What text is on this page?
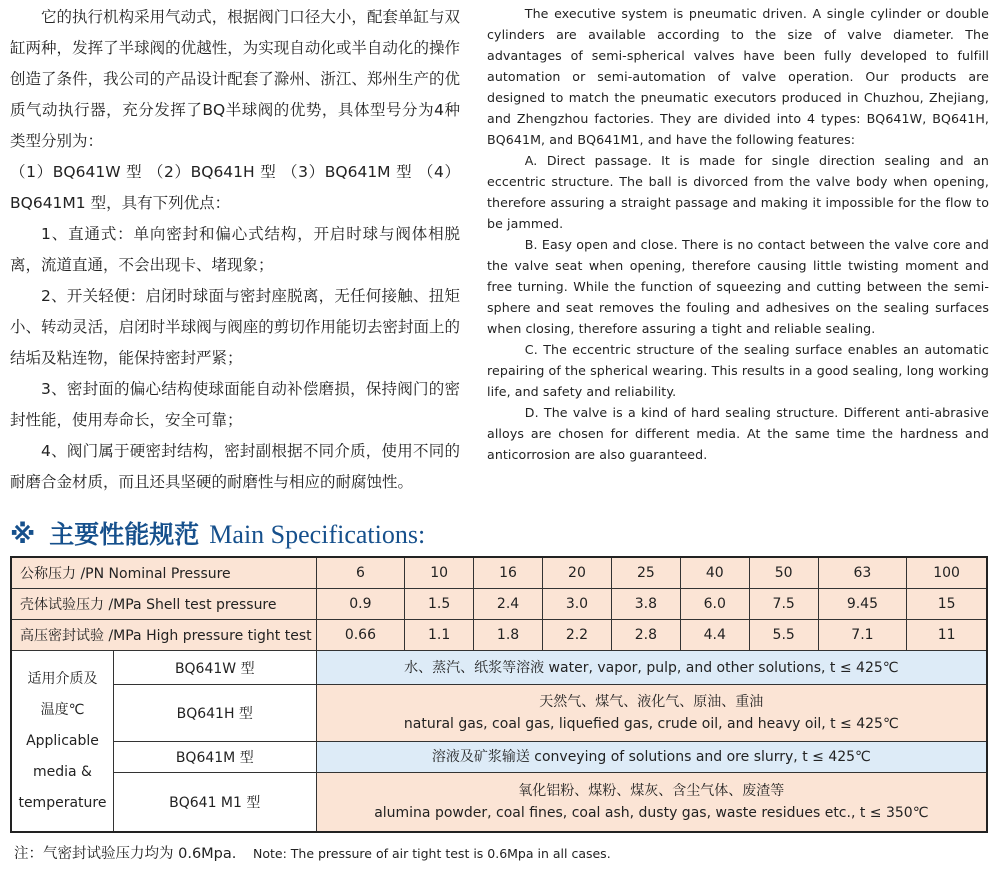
它的执行机构采用气动式，根据阀门口径大小，配套单缸与双缸两种，发挥了半球阀的优越性，为实现自动化或半自动化的操作创造了条件，我公司的产品设计配套了滁州、浙江、郑州生产的优质气动执行器，充分发挥了BQ半球阀的优势，具体型号分为4种类型分别为：

（1）BQ641W 型 （2）BQ641H 型 （3）BQ641M 型 （4）BQ641M1 型，具有下列优点：

1、直通式：单向密封和偏心式结构，开启时球与阀体相脱离，流道直通，不会出现卡、堵现象；

2、开关轻便：启闭时球面与密封座脱离，无任何接触、扭矩小、转动灵活，启闭时半球阀与阀座的剪切作用能切去密封面上的结垢及粘连物，能保持密封严紧；

3、密封面的偏心结构使球面能自动补偿磨损，保持阀门的密封性能，使用寿命长，安全可靠；

4、阀门属于硬密封结构，密封副根据不同介质，使用不同的耐磨合金材质，而且还具坚硬的耐磨性与相应的耐腐蚀性。

The executive system is pneumatic driven. A single cylinder or double cylinders are available according to the size of valve diameter. The advantages of semi-spherical valves have been fully developed to fulfill automation or semi-automation of valve operation. Our products are designed to match the pneumatic executors produced in Chuzhou, Zhejiang, and Zhengzhou factories. They are divided into 4 types: BQ641W, BQ641H, BQ641M, and BQ641M1, and have the following features:

A. Direct passage. It is made for single direction sealing and an eccentric structure. The ball is divorced from the valve body when opening, therefore assuring a straight passage and making it impossible for the flow to be jammed.

B. Easy open and close. There is no contact between the valve core and the valve seat when opening, therefore causing little twisting moment and free turning. While the function of squeezing and cutting between the semi-sphere and seat removes the fouling and adhesives on the sealing surfaces when closing, therefore assuring a tight and reliable sealing.

C. The eccentric structure of the sealing surface enables an automatic repairing of the spherical wearing. This results in a good sealing, long working life, and safety and reliability.

D. The valve is a kind of hard sealing structure. Different anti-abrasive alloys are chosen for different media. At the same time the hardness and anticorrosion are also guaranteed.

※ 主要性能规范 Main Specifications:
公称压力 /PN Nominal Pressure		6	10	16	20	25	40	50	63	100
壳体试验压力 /MPa Shell test pressure		0.9	1.5	2.4	3.0	3.8	6.0	7.5	9.45	15
高压密封试验 /MPa High pressure tight test		0.66	1.1	1.8	2.2	2.8	4.4	5.5	7.1	11

适用介质及
温度℃
Applicable
media &
temperature	BQ641W 型	水、蒸汽、纸浆等溶液 water, vapor, pulp, and other solutions, t ≤ 425℃								

	BQ641H 型	天然气、煤气、液化气、原油、重油
natural gas, coal gas, liquefied gas, crude oil, and heavy oil, t ≤ 425℃								

	BQ641M 型	溶液及矿浆输送 conveying of solutions and ore slurry, t ≤ 425℃								

	BQ641 M1 型	氧化铝粉、煤粉、煤灰、含尘气体、废渣等
alumina powder, coal fines, coal ash, dusty gas, waste residues etc., t ≤ 350℃								
注：气密封试验压力均为 0.6Mpa. Note: The pressure of air tight test is 0.6Mpa in all cases.
